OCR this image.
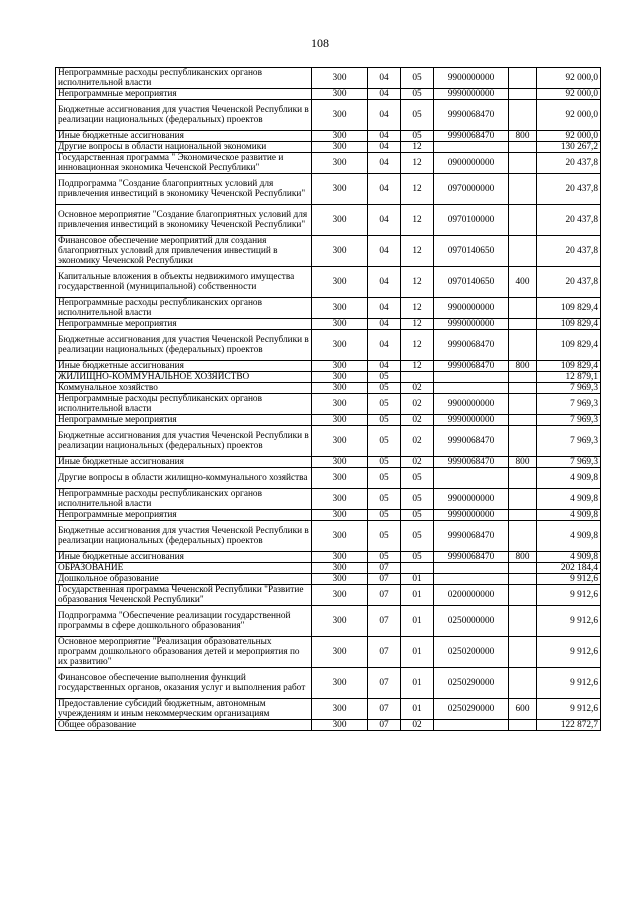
108
Непрограммные расходы республиканских органов исполнительной власти	300	04	05	9900000000		92 000,0
Непрограммные мероприятия	300	04	05	9990000000		92 000,0
Бюджетные ассигнования для участия Чеченской Республики в реализации национальных (федеральных) проектов	300	04	05	9990068470		92 000,0
Иные бюджетные ассигнования	300	04	05	9990068470	800	92 000,0
Другие вопросы в области национальной экономики	300	04	12			130 267,2
Государственная программа " Экономическое развитие и инновационная экономика Чеченской Республики"	300	04	12	0900000000		20 437,8
Подпрограмма "Создание благоприятных условий для привлечения инвестиций в экономику Чеченской Республики"	300	04	12	0970000000		20 437,8
Основное мероприятие "Создание благоприятных условий для привлечения инвестиций в экономику Чеченской Республики"	300	04	12	0970100000		20 437,8
Финансовое обеспечение мероприятий для создания благоприятных условий для привлечения инвестиций в экономику Чеченской Республики	300	04	12	0970140650		20 437,8
Капитальные вложения в объекты недвижимого имущества государственной (муниципальной) собственности	300	04	12	0970140650	400	20 437,8
Непрограммные расходы республиканских органов исполнительной власти	300	04	12	9900000000		109 829,4
Непрограммные мероприятия	300	04	12	9990000000		109 829,4
Бюджетные ассигнования для участия Чеченской Республики в реализации национальных (федеральных) проектов	300	04	12	9990068470		109 829,4
Иные бюджетные ассигнования	300	04	12	9990068470	800	109 829,4
ЖИЛИЩНО-КОММУНАЛЬНОЕ ХОЗЯЙСТВО	300	05				12 879,1
Коммунальное хозяйство	300	05	02			7 969,3
Непрограммные расходы республиканских органов исполнительной власти	300	05	02	9900000000		7 969,3
Непрограммные мероприятия	300	05	02	9990000000		7 969,3
Бюджетные ассигнования для участия Чеченской Республики в реализации национальных (федеральных) проектов	300	05	02	9990068470		7 969,3
Иные бюджетные ассигнования	300	05	02	9990068470	800	7 969,3
Другие вопросы в области жилищно-коммунального хозяйства	300	05	05			4 909,8
Непрограммные расходы республиканских органов исполнительной власти	300	05	05	9900000000		4 909,8
Непрограммные мероприятия	300	05	05	9990000000		4 909,8
Бюджетные ассигнования для участия Чеченской Республики в реализации национальных (федеральных) проектов	300	05	05	9990068470		4 909,8
Иные бюджетные ассигнования	300	05	05	9990068470	800	4 909,8
ОБРАЗОВАНИЕ	300	07				202 184,4
Дошкольное образование	300	07	01			9 912,6
Государственная программа Чеченской Республики "Развитие образования Чеченской Республики"	300	07	01	0200000000		9 912,6
Подпрограмма "Обеспечение реализации государственной программы в сфере дошкольного образования"	300	07	01	0250000000		9 912,6
Основное мероприятие "Реализация образовательных программ дошкольного образования детей и мероприятия по их развитию"	300	07	01	0250200000		9 912,6
Финансовое обеспечение выполнения функций государственных органов, оказания услуг и выполнения работ	300	07	01	0250290000		9 912,6
Предоставление субсидий бюджетным, автономным учреждениям и иным некоммерческим организациям	300	07	01	0250290000	600	9 912,6
Общее образование	300	07	02			122 872,7
